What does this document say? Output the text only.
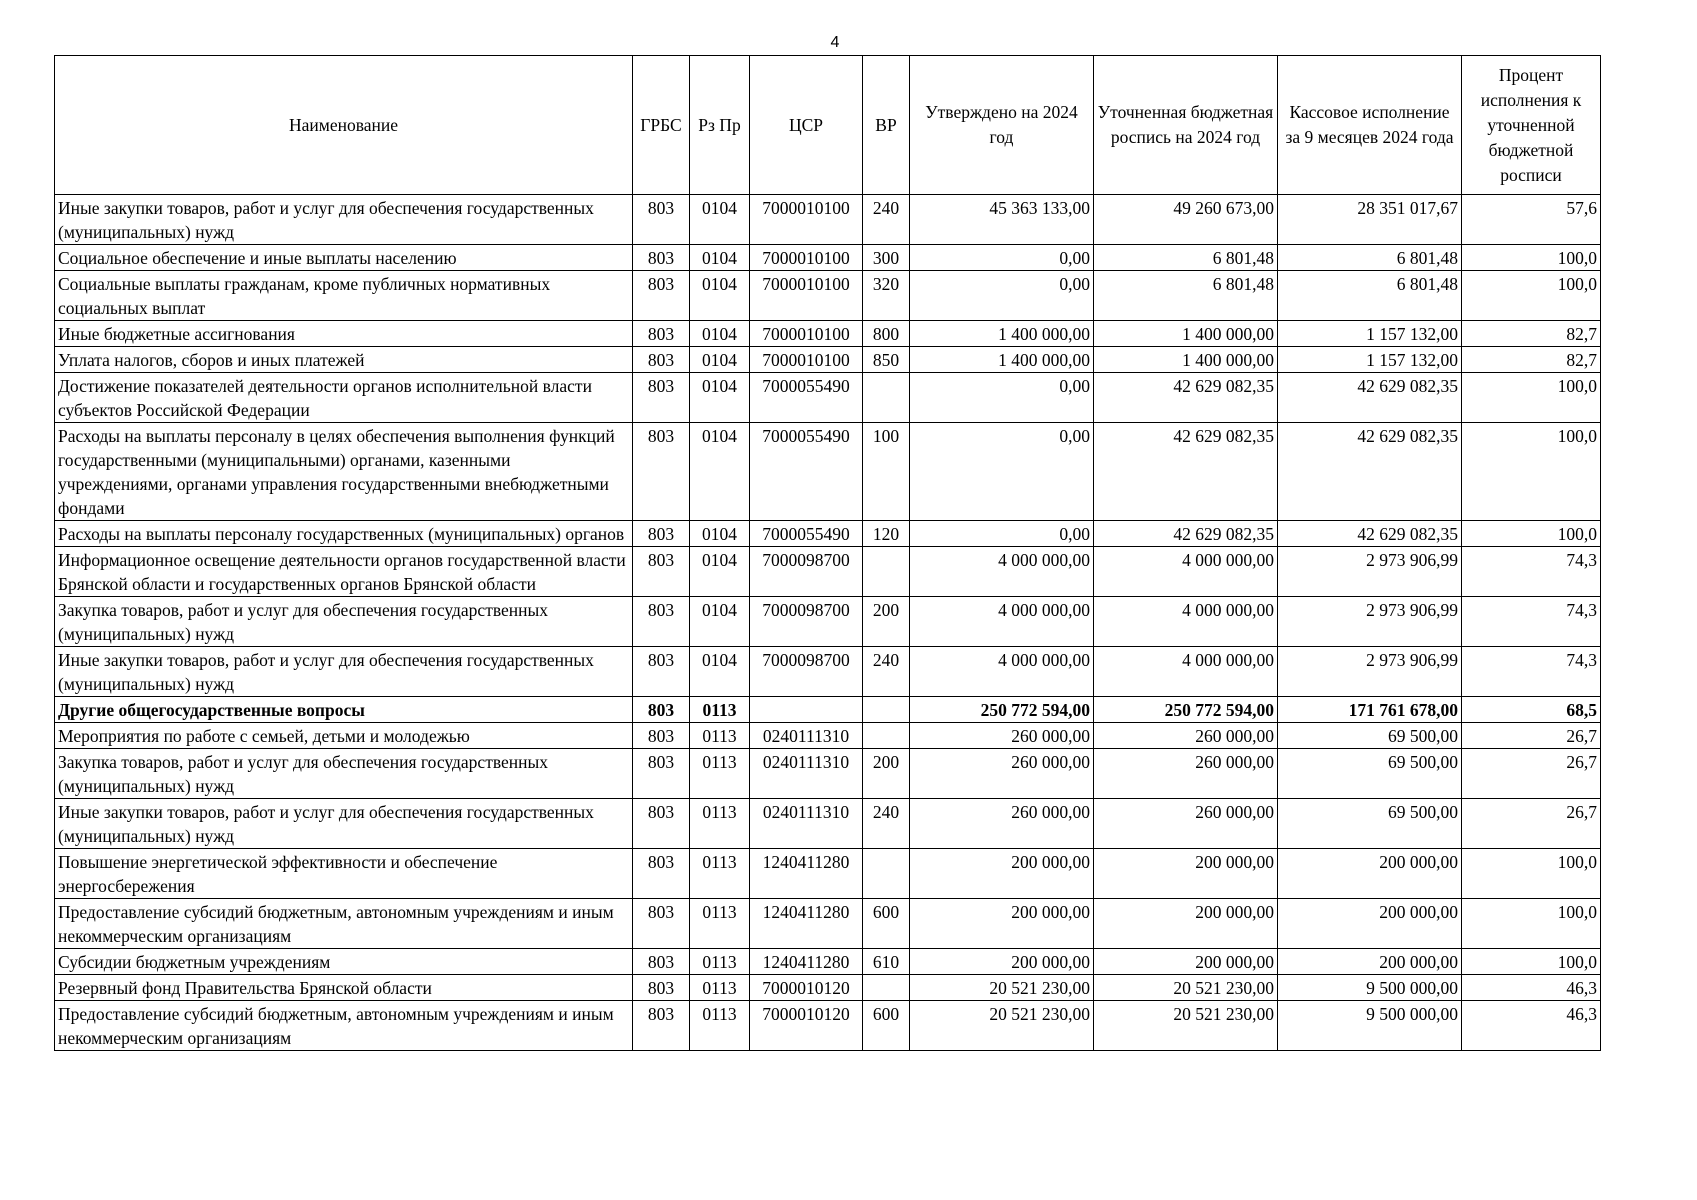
4
Наименование	ГРБС	Рз Пр	ЦСР	ВР	Утверждено на 2024 год	Уточненная бюджетная роспись на 2024 год	Кассовое исполнение за 9 месяцев 2024 года	Процент исполнения к уточненной бюджетной росписи
Иные закупки товаров, работ и услуг для обеспечения государственных (муниципальных) нужд	803	0104	7000010100	240	45 363 133,00	49 260 673,00	28 351 017,67	57,6
Социальное обеспечение и иные выплаты населению	803	0104	7000010100	300	0,00	6 801,48	6 801,48	100,0
Социальные выплаты гражданам, кроме публичных нормативных социальных выплат	803	0104	7000010100	320	0,00	6 801,48	6 801,48	100,0
Иные бюджетные ассигнования	803	0104	7000010100	800	1 400 000,00	1 400 000,00	1 157 132,00	82,7
Уплата налогов, сборов и иных платежей	803	0104	7000010100	850	1 400 000,00	1 400 000,00	1 157 132,00	82,7
Достижение показателей деятельности органов исполнительной власти субъектов Российской Федерации	803	0104	7000055490		0,00	42 629 082,35	42 629 082,35	100,0
Расходы на выплаты персоналу в целях обеспечения выполнения функций государственными (муниципальными) органами, казенными учреждениями, органами управления государственными внебюджетными фондами	803	0104	7000055490	100	0,00	42 629 082,35	42 629 082,35	100,0
Расходы на выплаты персоналу государственных (муниципальных) органов	803	0104	7000055490	120	0,00	42 629 082,35	42 629 082,35	100,0
Информационное освещение деятельности органов государственной власти Брянской области и государственных органов Брянской области	803	0104	7000098700		4 000 000,00	4 000 000,00	2 973 906,99	74,3
Закупка товаров, работ и услуг для обеспечения государственных (муниципальных) нужд	803	0104	7000098700	200	4 000 000,00	4 000 000,00	2 973 906,99	74,3
Иные закупки товаров, работ и услуг для обеспечения государственных (муниципальных) нужд	803	0104	7000098700	240	4 000 000,00	4 000 000,00	2 973 906,99	74,3
Другие общегосударственные вопросы	803	0113			250 772 594,00	250 772 594,00	171 761 678,00	68,5
Мероприятия по работе с семьей, детьми и молодежью	803	0113	0240111310		260 000,00	260 000,00	69 500,00	26,7
Закупка товаров, работ и услуг для обеспечения государственных (муниципальных) нужд	803	0113	0240111310	200	260 000,00	260 000,00	69 500,00	26,7
Иные закупки товаров, работ и услуг для обеспечения государственных (муниципальных) нужд	803	0113	0240111310	240	260 000,00	260 000,00	69 500,00	26,7
Повышение энергетической эффективности и обеспечение энергосбережения	803	0113	1240411280		200 000,00	200 000,00	200 000,00	100,0
Предоставление субсидий бюджетным, автономным учреждениям и иным некоммерческим организациям	803	0113	1240411280	600	200 000,00	200 000,00	200 000,00	100,0
Субсидии бюджетным учреждениям	803	0113	1240411280	610	200 000,00	200 000,00	200 000,00	100,0
Резервный фонд Правительства Брянской области	803	0113	7000010120		20 521 230,00	20 521 230,00	9 500 000,00	46,3
Предоставление субсидий бюджетным, автономным учреждениям и иным некоммерческим организациям	803	0113	7000010120	600	20 521 230,00	20 521 230,00	9 500 000,00	46,3
